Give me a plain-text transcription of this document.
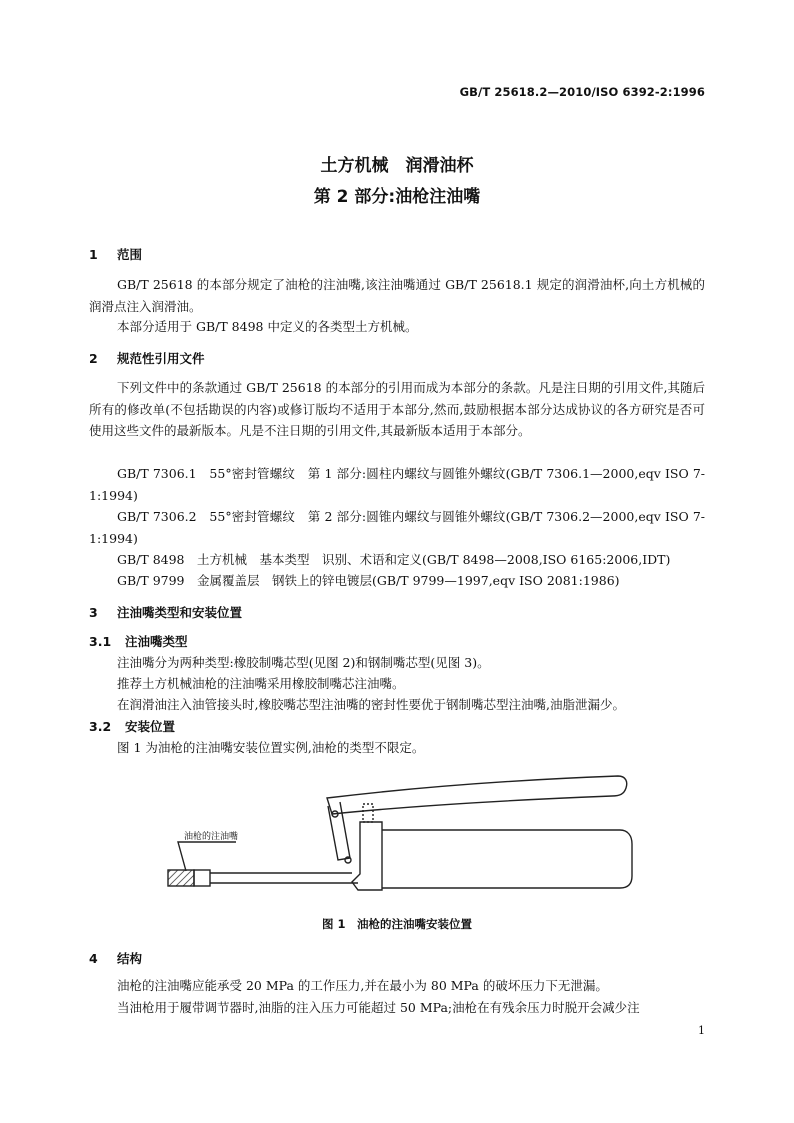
GB/T 25618.2—2010/ISO 6392-2:1996
土方机械　润滑油杯
第 2 部分:油枪注油嘴
1 范围
GB/T 25618 的本部分规定了油枪的注油嘴,该注油嘴通过 GB/T 25618.1 规定的润滑油杯,向土方机械的润滑点注入润滑油。
本部分适用于 GB/T 8498 中定义的各类型土方机械。
2 规范性引用文件
下列文件中的条款通过 GB/T 25618 的本部分的引用而成为本部分的条款。凡是注日期的引用文件,其随后所有的修改单(不包括勘误的内容)或修订版均不适用于本部分,然而,鼓励根据本部分达成协议的各方研究是否可使用这些文件的最新版本。凡是不注日期的引用文件,其最新版本适用于本部分。
GB/T 7306.1　55°密封管螺纹　第 1 部分:圆柱内螺纹与圆锥外螺纹(GB/T 7306.1—2000,eqv ISO 7-1:1994)
GB/T 7306.2　55°密封管螺纹　第 2 部分:圆锥内螺纹与圆锥外螺纹(GB/T 7306.2—2000,eqv ISO 7-1:1994)
GB/T 8498　土方机械　基本类型　识别、术语和定义(GB/T 8498—2008,ISO 6165:2006,IDT)
GB/T 9799　金属覆盖层　钢铁上的锌电镀层(GB/T 9799—1997,eqv ISO 2081:1986)
3 注油嘴类型和安装位置
3.1 注油嘴类型
注油嘴分为两种类型:橡胶制嘴芯型(见图 2)和钢制嘴芯型(见图 3)。
推荐土方机械油枪的注油嘴采用橡胶制嘴芯注油嘴。
在润滑油注入油管接头时,橡胶嘴芯型注油嘴的密封性要优于钢制嘴芯型注油嘴,油脂泄漏少。
3.2 安装位置
图 1 为油枪的注油嘴安装位置实例,油枪的类型不限定。
油枪的注油嘴
图 1　油枪的注油嘴安装位置
4 结构
油枪的注油嘴应能承受 20 MPa 的工作压力,并在最小为 80 MPa 的破坏压力下无泄漏。
当油枪用于履带调节器时,油脂的注入压力可能超过 50 MPa;油枪在有残余压力时脱开会减少注
1
